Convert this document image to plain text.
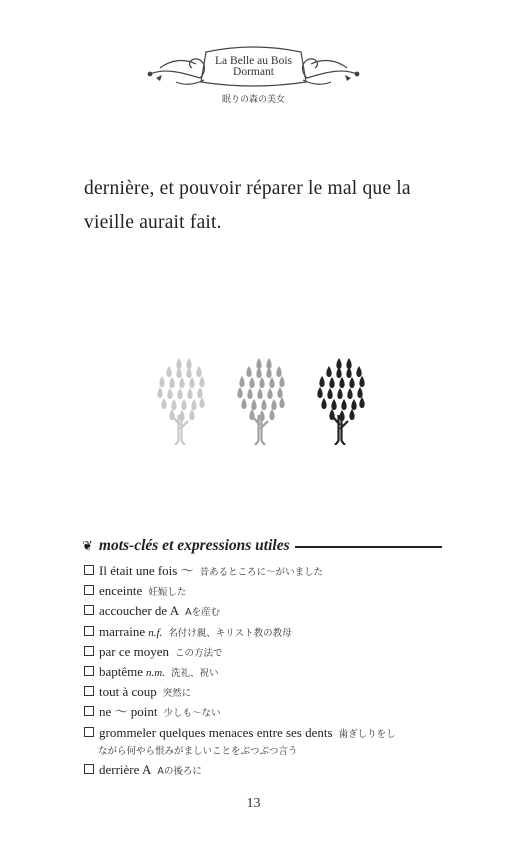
La Belle au Bois
Dormant
眠りの森の美女
dernière, et pouvoir réparer le mal que la
vieille aurait fait.
❦ mots-clés et expressions utiles
Il était une fois ～ 昔あるところに～がいました
enceinte 妊娠した
accoucher de A Aを産む
marraine n.f. 名付け親、キリスト教の教母
par ce moyen この方法で
baptême n.m. 洗礼、祝い
tout à coup 突然に
ne ～ point 少しも～ない
grommeler quelques menaces entre ses dents 歯ぎしりをし
ながら何やら恨みがましいことをぶつぶつ言う
derrière A Aの後ろに
13
